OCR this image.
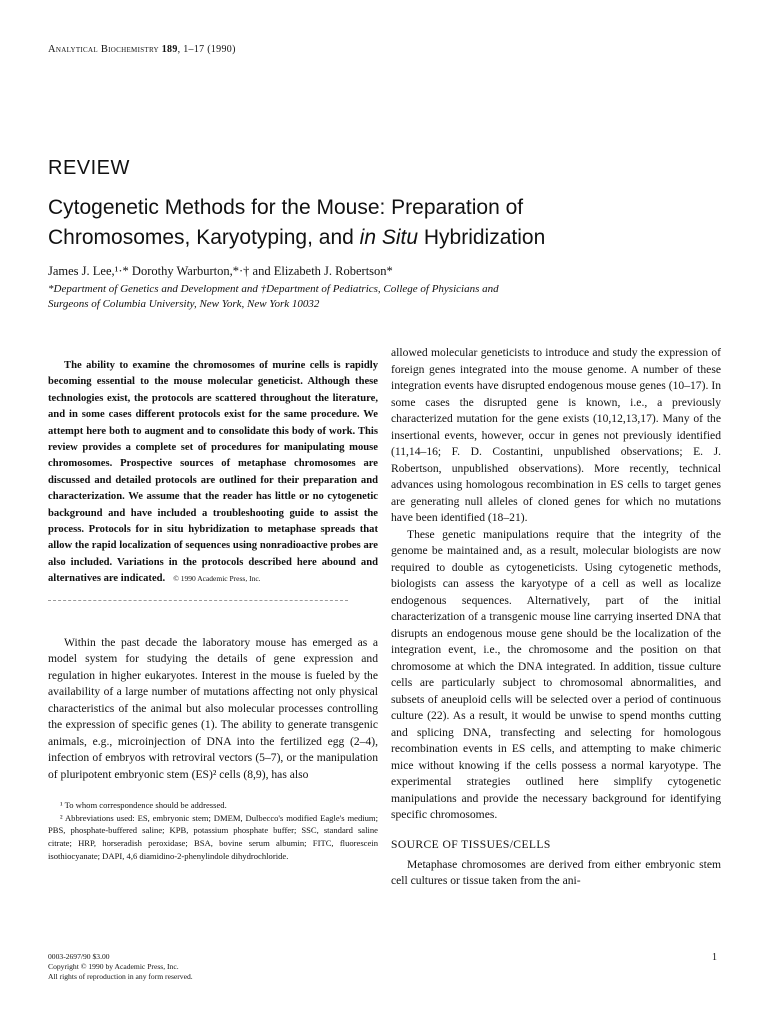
Analytical Biochemistry 189, 1–17 (1990)
REVIEW
Cytogenetic Methods for the Mouse: Preparation of
Chromosomes, Karyotyping, and in Situ Hybridization
James J. Lee,¹·* Dorothy Warburton,*·† and Elizabeth J. Robertson*
*Department of Genetics and Development and †Department of Pediatrics, College of Physicians and Surgeons of Columbia University, New York, New York 10032

The ability to examine the chromosomes of murine cells is rapidly becoming essential to the mouse molecular geneticist. Although these technologies exist, the protocols are scattered throughout the literature, and in some cases different protocols exist for the same procedure. We attempt here both to augment and to consolidate this body of work. This review provides a complete set of procedures for manipulating mouse chromosomes. Prospective sources of metaphase chromosomes are discussed and detailed protocols are outlined for their preparation and characterization. We assume that the reader has little or no cytogenetic background and have included a troubleshooting guide to assist the process. Protocols for in situ hybridization to metaphase spreads that allow the rapid localization of sequences using nonradioactive probes are also included. Variations in the protocols described here abound and alternatives are indicated. © 1990 Academic Press, Inc.

Within the past decade the laboratory mouse has emerged as a model system for studying the details of gene expression and regulation in higher eukaryotes. Interest in the mouse is fueled by the availability of a large number of mutations affecting not only physical characteristics of the animal but also molecular processes controlling the expression of specific genes (1). The ability to generate transgenic animals, e.g., microinjection of DNA into the fertilized egg (2–4), infection of embryos with retroviral vectors (5–7), or the manipulation of pluripotent embryonic stem (ES)² cells (8,9), has also

¹ To whom correspondence should be addressed.

² Abbreviations used: ES, embryonic stem; DMEM, Dulbecco's modified Eagle's medium; PBS, phosphate-buffered saline; KPB, potassium phosphate buffer; SSC, standard saline citrate; HRP, horseradish peroxidase; BSA, bovine serum albumin; FITC, fluorescein isothiocyanate; DAPI, 4,6 diamidino-2-phenylindole dihydrochloride.

0003-2697/90 $3.00
Copyright © 1990 by Academic Press, Inc.
All rights of reproduction in any form reserved.

allowed molecular geneticists to introduce and study the expression of foreign genes integrated into the mouse genome. A number of these integration events have disrupted endogenous mouse genes (10–17). In some cases the disrupted gene is known, i.e., a previously characterized mutation for the gene exists (10,12,13,17). Many of the insertional events, however, occur in genes not previously identified (11,14–16; F. D. Costantini, unpublished observations; E. J. Robertson, unpublished observations). More recently, technical advances using homologous recombination in ES cells to target genes are generating null alleles of cloned genes for which no mutations have been identified (18–21).

These genetic manipulations require that the integrity of the genome be maintained and, as a result, molecular biologists are now required to double as cytogeneticists. Using cytogenetic methods, biologists can assess the karyotype of a cell as well as localize endogenous sequences. Alternatively, part of the initial characterization of a transgenic mouse line carrying inserted DNA that disrupts an endogenous mouse gene should be the localization of the integration event, i.e., the chromosome and the position on that chromosome at which the DNA integrated. In addition, tissue culture cells are particularly subject to chromosomal abnormalities, and subsets of aneuploid cells will be selected over a period of continuous culture (22). As a result, it would be unwise to spend months cutting and splicing DNA, transfecting and selecting for homologous recombination events in ES cells, and attempting to make chimeric mice without knowing if the cells possess a normal karyotype. The experimental strategies outlined here simplify cytogenetic manipulations and provide the necessary background for identifying specific chromosomes.

SOURCE OF TISSUES/CELLS

Metaphase chromosomes are derived from either embryonic stem cell cultures or tissue taken from the ani-

1
